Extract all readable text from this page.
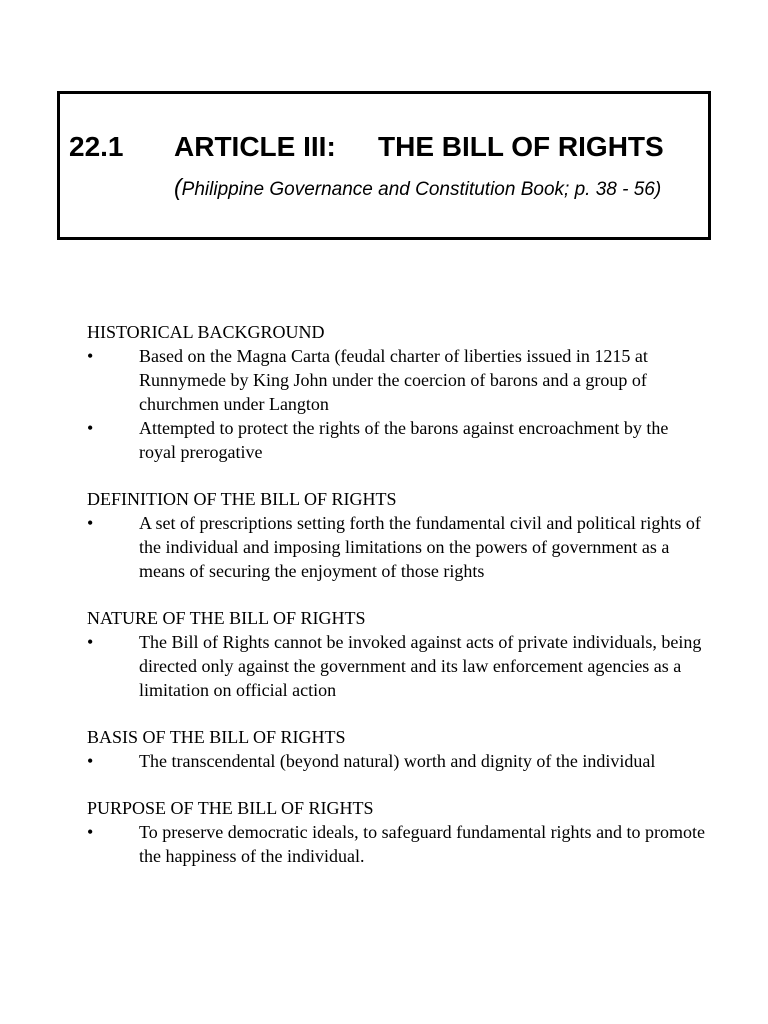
22.1 ARTICLE III: THE BILL OF RIGHTS
(Philippine Governance and Constitution Book; p. 38 - 56)

HISTORICAL BACKGROUND

•	Based on the Magna Carta (feudal charter of liberties issued in 1215 at Runnymede by King John under the coercion of barons and a group of churchmen under Langton
•	Attempted to protect the rights of the barons against encroachment by the royal prerogative

DEFINITION OF THE BILL OF RIGHTS

•	A set of prescriptions setting forth the fundamental civil and political rights of the individual and imposing limitations on the powers of government as a means of securing the enjoyment of those rights

NATURE OF THE BILL OF RIGHTS

•	The Bill of Rights cannot be invoked against acts of private individuals, being directed only against the government and its law enforcement agencies as a limitation on official action

BASIS OF THE BILL OF RIGHTS

•	The transcendental (beyond natural) worth and dignity of the individual

PURPOSE OF THE BILL OF RIGHTS

•	To preserve democratic ideals, to safeguard fundamental rights and to promote the happiness of the individual.
